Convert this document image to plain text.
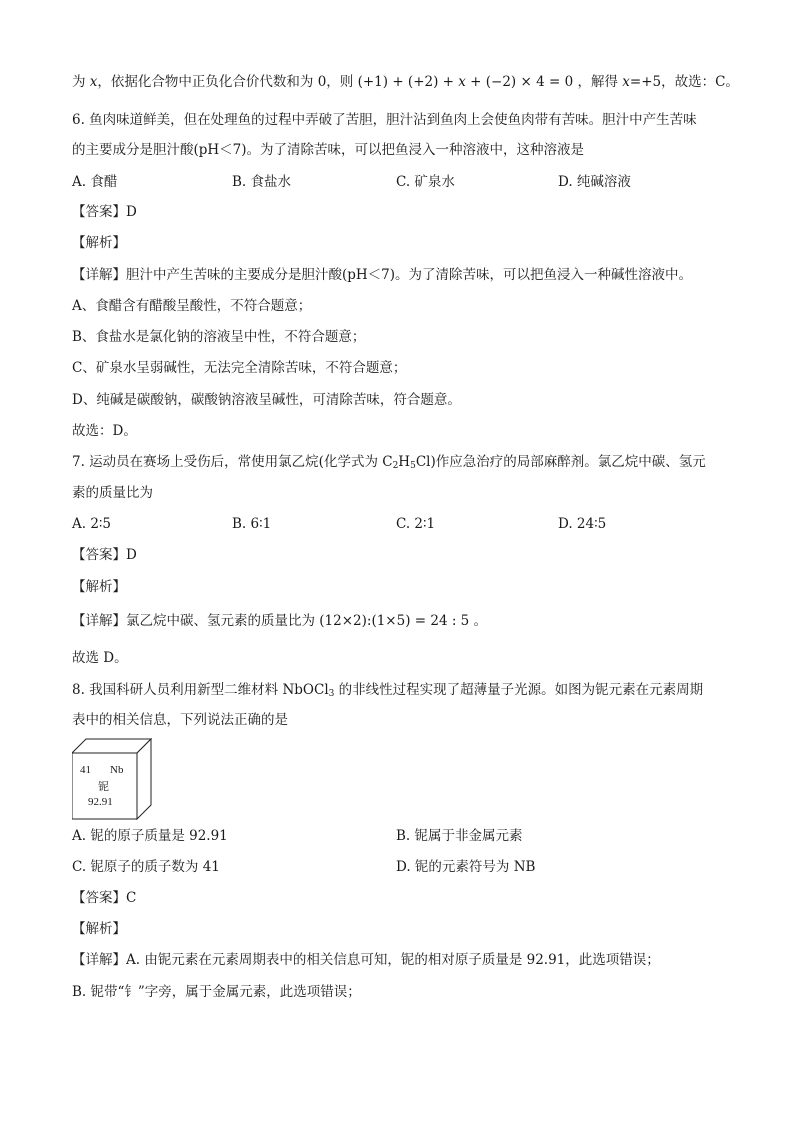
为 x，依据化合物中正负化合价代数和为 0，则 (+1) + (+2) + x + (−2) × 4 = 0 ，解得 x=+5，故选：C。
6. 鱼肉味道鲜美，但在处理鱼的过程中弄破了苦胆，胆汁沾到鱼肉上会使鱼肉带有苦味。胆汁中产生苦味
的主要成分是胆汁酸(pH＜7)。为了清除苦味，可以把鱼浸入一种溶液中，这种溶液是
A. 食醋	B. 食盐水	C. 矿泉水	D. 纯碱溶液
【答案】D
【解析】
【详解】胆汁中产生苦味的主要成分是胆汁酸(pH＜7)。为了清除苦味，可以把鱼浸入一种碱性溶液中。
A、食醋含有醋酸呈酸性，不符合题意；
B、食盐水是氯化钠的溶液呈中性，不符合题意；
C、矿泉水呈弱碱性，无法完全清除苦味，不符合题意；
D、纯碱是碳酸钠，碳酸钠溶液呈碱性，可清除苦味，符合题意。
故选：D。
7. 运动员在赛场上受伤后，常使用氯乙烷(化学式为 $C_2H_5Cl$)作应急治疗的局部麻醉剂。氯乙烷中碳、氢元
素的质量比为
A. 2∶5	B. 6∶1	C. 2∶1	D. 24∶5
【答案】D
【解析】
【详解】氯乙烷中碳、氢元素的质量比为 (12×2):(1×5) = 24 : 5 。
故选 D。
8. 我国科研人员利用新型二维材料 NbOCl$_3$ 的非线性过程实现了超薄量子光源。如图为铌元素在元素周期
表中的相关信息，下列说法正确的是
41 Nb
铌
92.91
A. 铌的原子质量是 92.91	B. 铌属于非金属元素
C. 铌原子的质子数为 41	D. 铌的元素符号为 NB
【答案】C
【解析】
【详解】A. 由铌元素在元素周期表中的相关信息可知，铌的相对原子质量是 92.91，此选项错误；
B. 铌带“钅”字旁，属于金属元素，此选项错误；
